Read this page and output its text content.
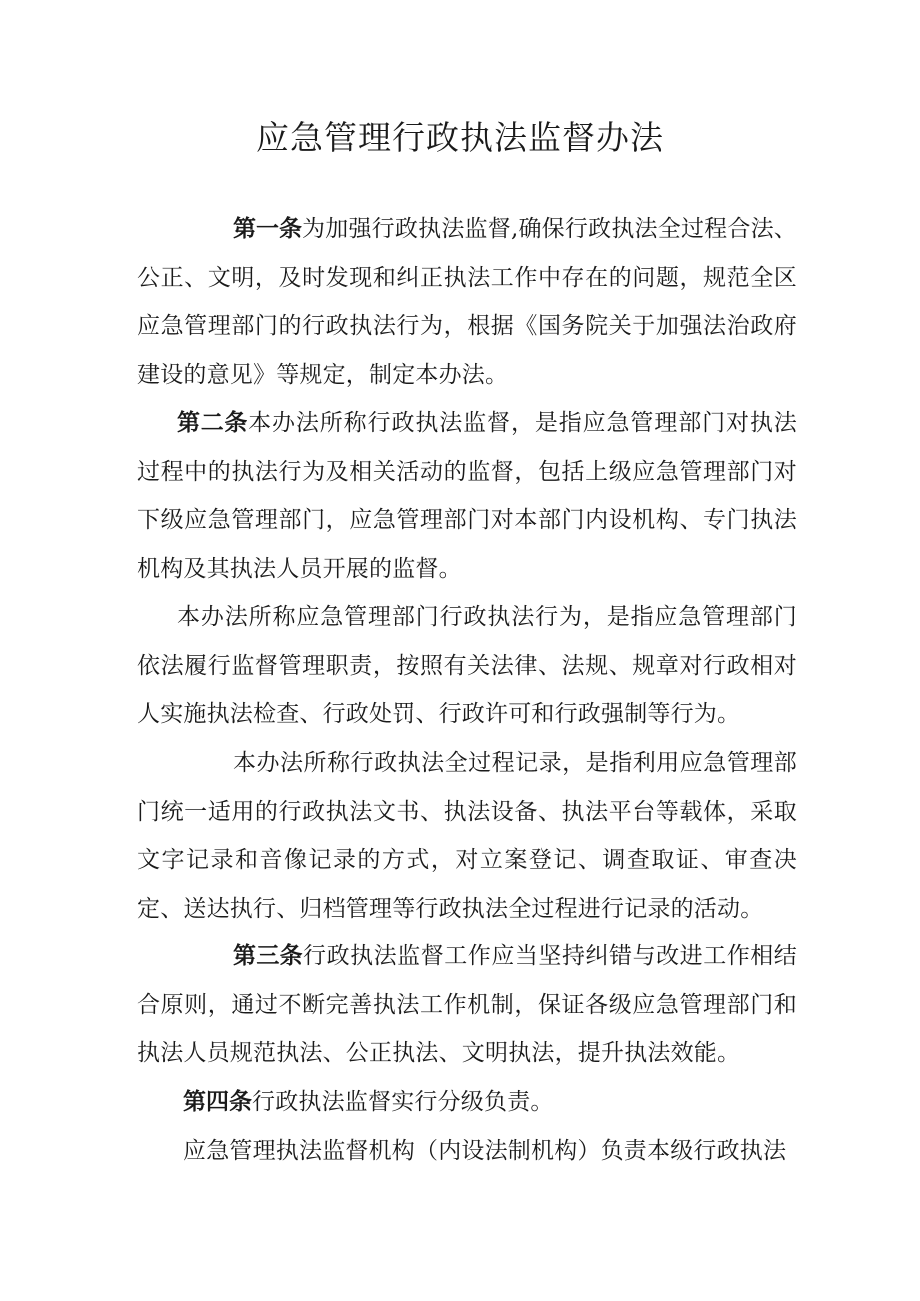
应急管理行政执法监督办法

第一条为加强行政执法监督,确保行政执法全过程合法、公正、文明，及时发现和纠正执法工作中存在的问题，规范全区应急管理部门的行政执法行为，根据《国务院关于加强法治政府建设的意见》等规定，制定本办法。

第二条本办法所称行政执法监督，是指应急管理部门对执法过程中的执法行为及相关活动的监督，包括上级应急管理部门对下级应急管理部门，应急管理部门对本部门内设机构、专门执法机构及其执法人员开展的监督。

本办法所称应急管理部门行政执法行为，是指应急管理部门依法履行监督管理职责，按照有关法律、法规、规章对行政相对人实施执法检查、行政处罚、行政许可和行政强制等行为。

本办法所称行政执法全过程记录，是指利用应急管理部门统一适用的行政执法文书、执法设备、执法平台等载体，采取文字记录和音像记录的方式，对立案登记、调查取证、审查决定、送达执行、归档管理等行政执法全过程进行记录的活动。

第三条行政执法监督工作应当坚持纠错与改进工作相结合原则，通过不断完善执法工作机制，保证各级应急管理部门和执法人员规范执法、公正执法、文明执法，提升执法效能。

第四条行政执法监督实行分级负责。

应急管理执法监督机构（内设法制机构）负责本级行政执法
